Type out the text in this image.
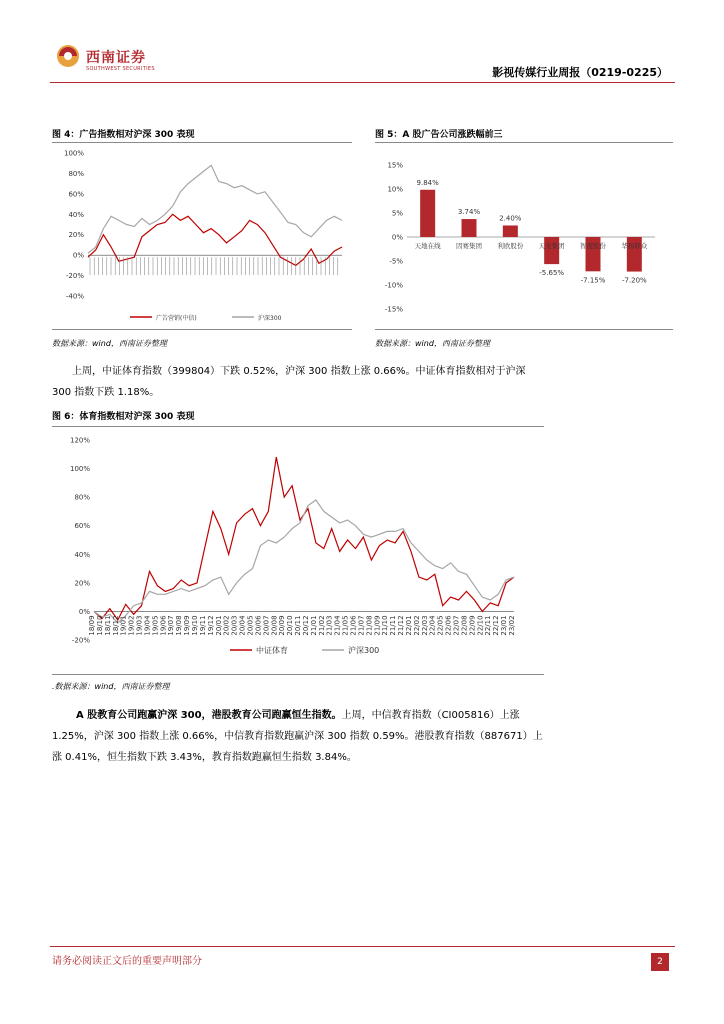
西南证券
SOUTHWEST SECURITIES	影视传媒行业周报（0219-0225）
图 4：广告指数相对沪深 300 表现
100%
80%
60%
40%
20%
0%
-20%
-40%
广告营销(中信)	沪深300
数据来源：wind，西南证券整理
图 5：A 股广告公司涨跌幅前三
15%
10%
5%
0%
-5%
-10%
-15%
9.84%
天地在线
3.74%
因赛集团
2.40%
利欧股份
-5.65%
天龙集团
-7.15%
智度股份
-7.20%
华扬联众
数据来源：wind，西南证券整理
上周，中证体育指数（399804）下跌 0.52%，沪深 300 指数上涨 0.66%。中证体育指数相对于沪深 300 指数下跌 1.18%。
图 6：体育指数相对沪深 300 表现
120%
100%
80%
60%
40%
20%
0%
-20%
18/09 18/10 18/11 18/12 19/01 19/02 19/03 19/04 19/05 19/06 19/07 19/08 19/09 19/10 19/11 19/12 20/01 20/02 20/03 20/04 20/05 20/06 20/07 20/08 20/09 20/10 20/11 20/12 21/01 21/02 21/03 21/04 21/05 21/06 21/07 21/08 21/09 21/10 21/11 21/12 22/01 22/02 22/03 22/04 22/05 22/06 22/07 22/08 22/09 22/10 22/11 22/12 23/01 23/02
中证体育	沪深300
.数据来源：wind，西南证券整理
A 股教育公司跑赢沪深 300，港股教育公司跑赢恒生指数。上周，中信教育指数（CI005816）上涨 1.25%，沪深 300 指数上涨 0.66%，中信教育指数跑赢沪深 300 指数 0.59%。港股教育指数（887671）上涨 0.41%，恒生指数下跌 3.43%，教育指数跑赢恒生指数 3.84%。
请务必阅读正文后的重要声明部分	2
